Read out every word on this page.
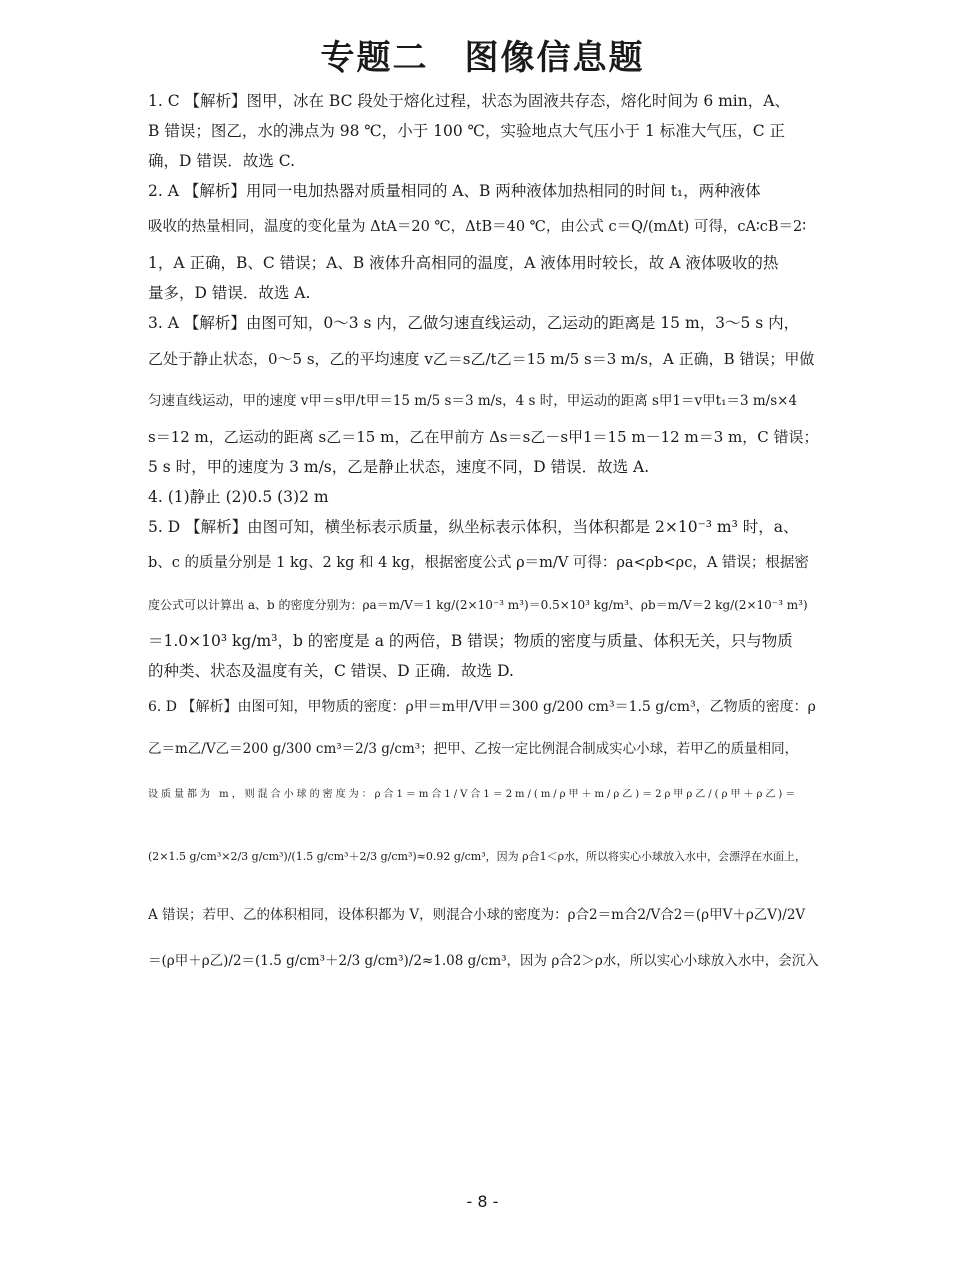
专题二 图像信息题
1. C 【解析】图甲，冰在 BC 段处于熔化过程，状态为固液共存态，熔化时间为 6 min，A、
B 错误；图乙，水的沸点为 98 ℃，小于 100 ℃，实验地点大气压小于 1 标准大气压，C 正
确，D 错误．故选 C.
2. A 【解析】用同一电加热器对质量相同的 A、B 两种液体加热相同的时间 t₁，两种液体
吸收的热量相同，温度的变化量为 ΔtA＝20 ℃，ΔtB＝40 ℃，由公式 c＝Q/(mΔt) 可得，cA∶cB＝2∶
1，A 正确，B、C 错误；A、B 液体升高相同的温度，A 液体用时较长，故 A 液体吸收的热
量多，D 错误．故选 A.
3. A 【解析】由图可知，0～3 s 内，乙做匀速直线运动，乙运动的距离是 15 m，3～5 s 内，
乙处于静止状态，0～5 s，乙的平均速度 v乙＝s乙/t乙＝15 m/5 s＝3 m/s，A 正确，B 错误；甲做
匀速直线运动，甲的速度 v甲＝s甲/t甲＝15 m/5 s＝3 m/s，4 s 时，甲运动的距离 s甲1＝v甲t₁＝3 m/s×4
s＝12 m，乙运动的距离 s乙＝15 m，乙在甲前方 Δs＝s乙－s甲1＝15 m－12 m＝3 m，C 错误；
5 s 时，甲的速度为 3 m/s，乙是静止状态，速度不同，D 错误．故选 A.
4. (1)静止 (2)0.5 (3)2 m
5. D 【解析】由图可知，横坐标表示质量，纵坐标表示体积，当体积都是 2×10⁻³ m³ 时，a、
b、c 的质量分别是 1 kg、2 kg 和 4 kg，根据密度公式 ρ＝m/V 可得：ρa<ρb<ρc，A 错误；根据密
度公式可以计算出 a、b 的密度分别为：ρa＝m/V＝1 kg/(2×10⁻³ m³)＝0.5×10³ kg/m³、ρb＝m/V＝2 kg/(2×10⁻³ m³)
＝1.0×10³ kg/m³，b 的密度是 a 的两倍，B 错误；物质的密度与质量、体积无关，只与物质
的种类、状态及温度有关，C 错误、D 正确．故选 D.
6. D 【解析】由图可知，甲物质的密度：ρ甲＝m甲/V甲＝300 g/200 cm³＝1.5 g/cm³，乙物质的密度：ρ
乙＝m乙/V乙＝200 g/300 cm³＝2/3 g/cm³；把甲、乙按一定比例混合制成实心小球，若甲乙的质量相同，
设质量都为 m，则混合小球的密度为：ρ合1＝m合1/V合1＝2m/(m/ρ甲＋m/ρ乙)＝2ρ甲ρ乙/(ρ甲＋ρ乙)＝
(2×1.5 g/cm³×2/3 g/cm³)/(1.5 g/cm³＋2/3 g/cm³)≈0.92 g/cm³，因为 ρ合1＜ρ水，所以将实心小球放入水中，会漂浮在水面上，
A 错误；若甲、乙的体积相同，设体积都为 V，则混合小球的密度为：ρ合2＝m合2/V合2＝(ρ甲V＋ρ乙V)/2V
＝(ρ甲＋ρ乙)/2＝(1.5 g/cm³＋2/3 g/cm³)/2≈1.08 g/cm³，因为 ρ合2＞ρ水，所以实心小球放入水中，会沉入
- 8 -
